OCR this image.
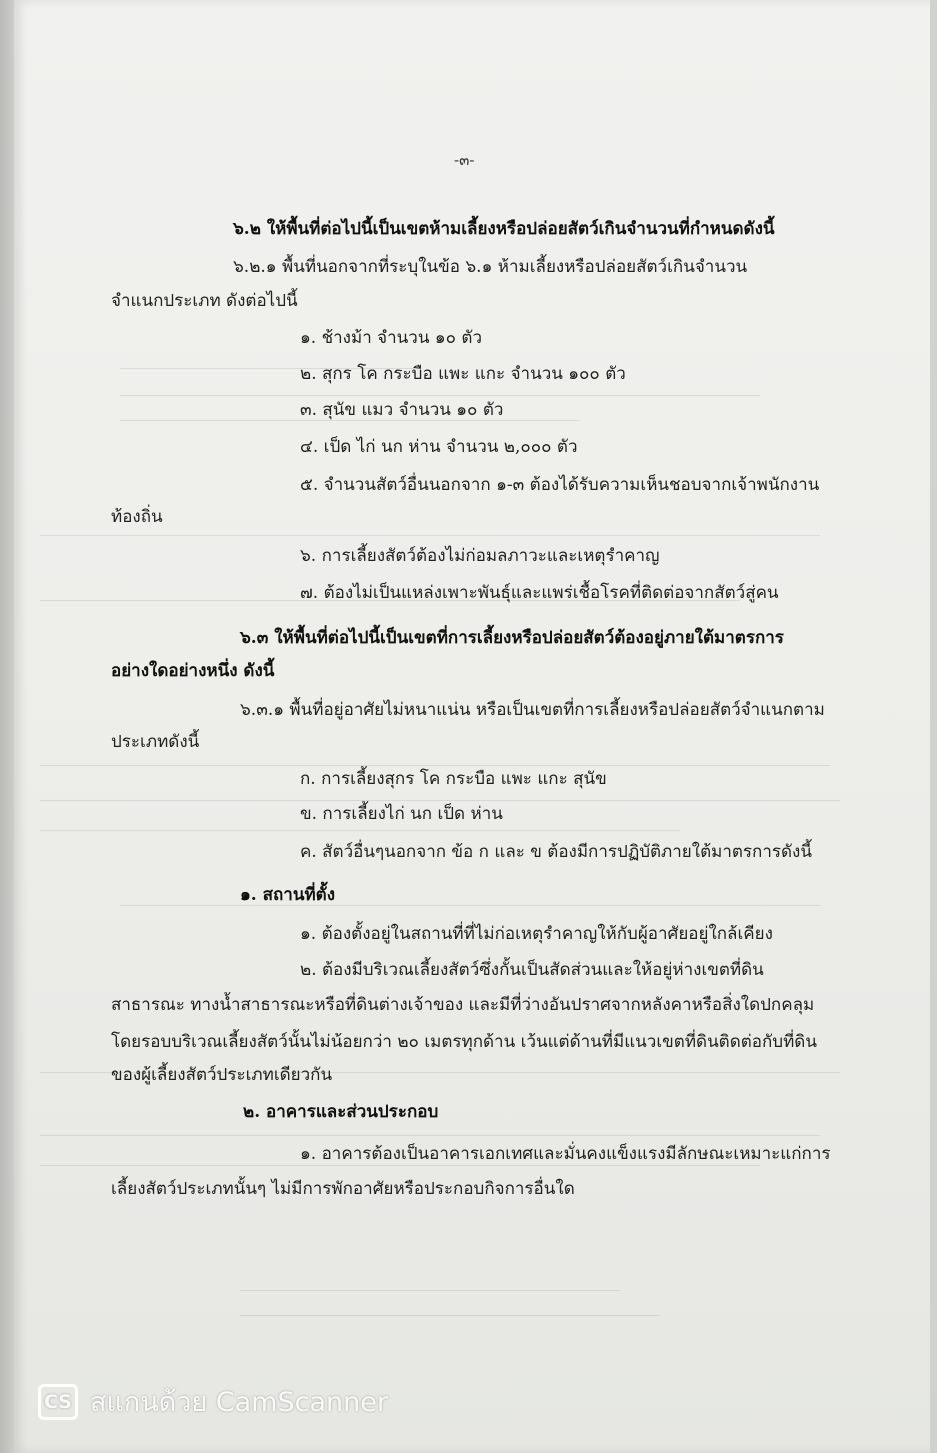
-๓-
๖.๒ ให้พื้นที่ต่อไปนี้เป็นเขตห้ามเลี้ยงหรือปล่อยสัตว์เกินจำนวนที่กำหนดดังนี้
๖.๒.๑ พื้นที่นอกจากที่ระบุในข้อ ๖.๑ ห้ามเลี้ยงหรือปล่อยสัตว์เกินจำนวน
จำแนกประเภท ดังต่อไปนี้
๑. ช้างม้า จำนวน ๑๐ ตัว
๒. สุกร โค กระบือ แพะ แกะ จำนวน ๑๐๐ ตัว
๓. สุนัข แมว จำนวน ๑๐ ตัว
๔. เป็ด ไก่ นก ห่าน จำนวน ๒,๐๐๐ ตัว
๕. จำนวนสัตว์อื่นนอกจาก ๑-๓ ต้องได้รับความเห็นชอบจากเจ้าพนักงาน
ท้องถิ่น
๖. การเลี้ยงสัตว์ต้องไม่ก่อมลภาวะและเหตุรำคาญ
๗. ต้องไม่เป็นแหล่งเพาะพันธุ์และแพร่เชื้อโรคที่ติดต่อจากสัตว์สู่คน
๖.๓ ให้พื้นที่ต่อไปนี้เป็นเขตที่การเลี้ยงหรือปล่อยสัตว์ต้องอยู่ภายใต้มาตรการ
อย่างใดอย่างหนึ่ง ดังนี้
๖.๓.๑ พื้นที่อยู่อาศัยไม่หนาแน่น หรือเป็นเขตที่การเลี้ยงหรือปล่อยสัตว์จำแนกตาม
ประเภทดังนี้
ก. การเลี้ยงสุกร โค กระบือ แพะ แกะ สุนัข
ข. การเลี้ยงไก่ นก เป็ด ห่าน
ค. สัตว์อื่นๆนอกจาก ข้อ ก และ ข ต้องมีการปฏิบัติภายใต้มาตรการดังนี้
๑. สถานที่ตั้ง
๑. ต้องตั้งอยู่ในสถานที่ที่ไม่ก่อเหตุรำคาญให้กับผู้อาศัยอยู่ใกล้เคียง
๒. ต้องมีบริเวณเลี้ยงสัตว์ซึ่งกั้นเป็นสัดส่วนและให้อยู่ห่างเขตที่ดิน
สาธารณะ ทางน้ำสาธารณะหรือที่ดินต่างเจ้าของ และมีที่ว่างอันปราศจากหลังคาหรือสิ่งใดปกคลุม
โดยรอบบริเวณเลี้ยงสัตว์นั้นไม่น้อยกว่า ๒๐ เมตรทุกด้าน เว้นแต่ด้านที่มีแนวเขตที่ดินติดต่อกับที่ดิน
ของผู้เลี้ยงสัตว์ประเภทเดียวกัน
๒. อาคารและส่วนประกอบ
๑. อาคารต้องเป็นอาคารเอกเทศและมั่นคงแข็งแรงมีลักษณะเหมาะแก่การ
เลี้ยงสัตว์ประเภทนั้นๆ ไม่มีการพักอาศัยหรือประกอบกิจการอื่นใด
CS สแกนด้วย CamScanner
